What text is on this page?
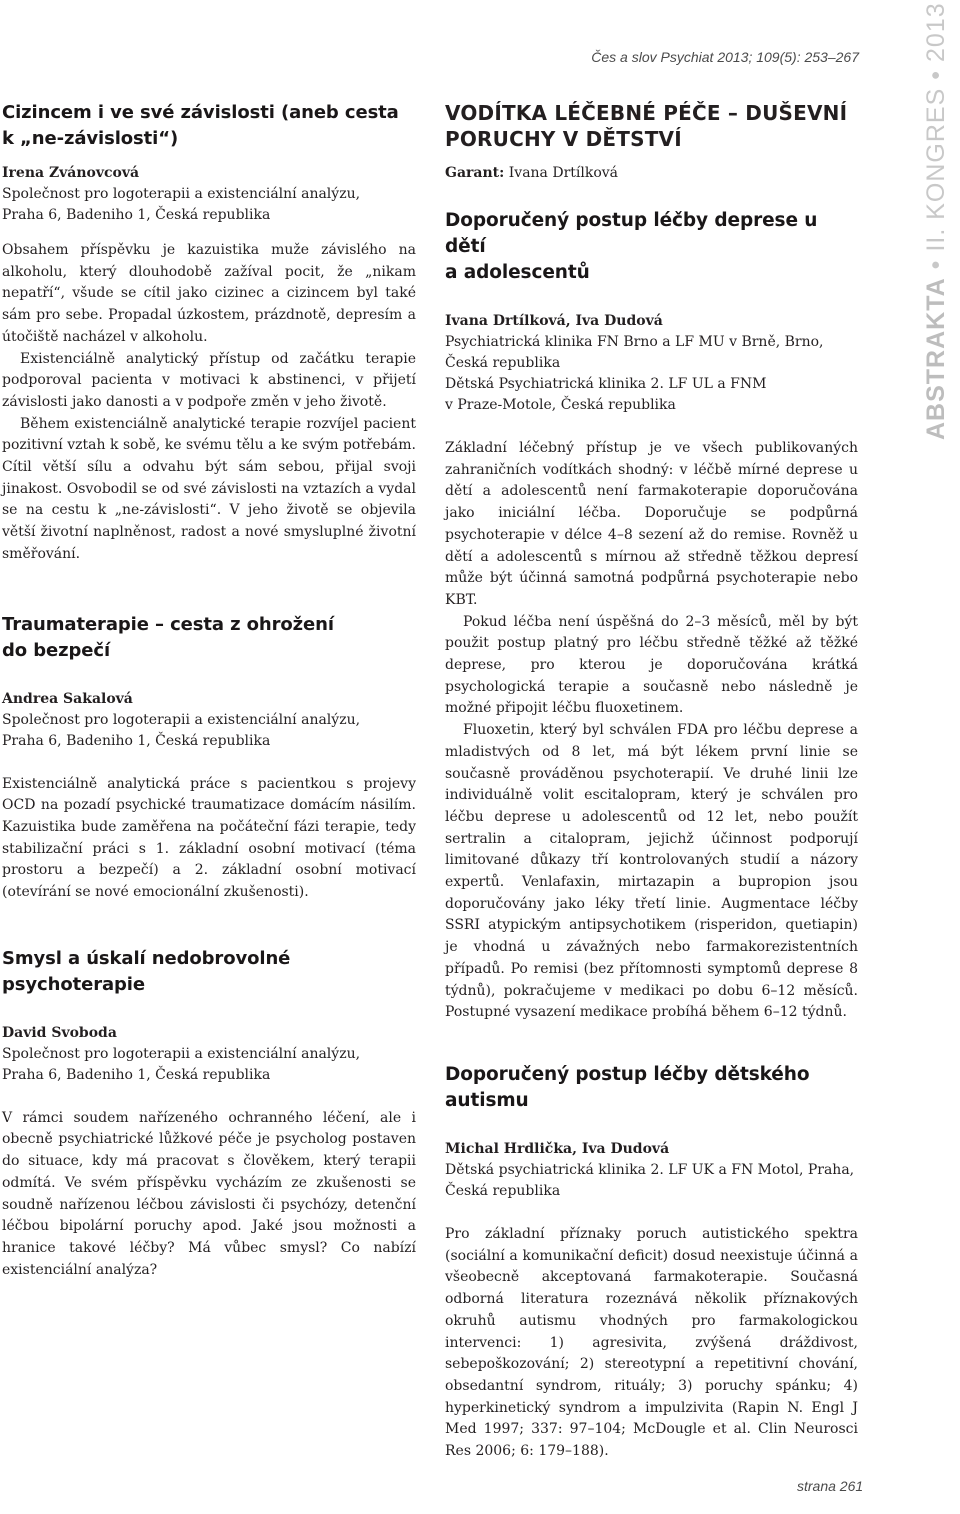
Čes a slov Psychiat 2013; 109(5): 253–267

ABSTRAKTA•II. KONGRES•2013
Cizincem i ve své závislosti (aneb cesta
k „ne-závislosti“)

Irena Zvánovcová

Společnost pro logoterapii a existenciální analýzu,

Praha 6, Badeniho 1, Česká republika

Obsahem příspěvku je kazuistika muže závislého na alkoholu, který dlouhodobě zažíval pocit, že „nikam nepatří“, všude se cítil jako cizinec a cizincem byl také sám pro sebe. Propadal úzkostem, prázdnotě, depresím a útočiště nacházel v alkoholu.

Existenciálně analytický přístup od začátku terapie podporoval pacienta v motivaci k abstinenci, v přijetí závislosti jako danosti a v podpoře změn v jeho životě.

Během existenciálně analytické terapie rozvíjel pacient pozitivní vztah k sobě, ke svému tělu a ke svým potřebám. Cítil větší sílu a odvahu být sám sebou, přijal svoji jinakost. Osvobodil se od své závislosti na vztazích a vydal se na cestu k „ne-závislosti“. V jeho životě se objevila větší životní naplněnost, radost a nové smysluplné životní směřování.

Traumaterapie – cesta z ohrožení
do bezpečí

Andrea Sakalová

Společnost pro logoterapii a existenciální analýzu,

Praha 6, Badeniho 1, Česká republika

Existenciálně analytická práce s pacientkou s projevy OCD na pozadí psychické traumatizace domácím násilím. Kazuistika bude zaměřena na počáteční fázi terapie, tedy stabilizační práci s 1. základní osobní motivací (téma prostoru a bezpečí) a 2. základní osobní motivací (otevírání se nové emocionální zkušenosti).

Smysl a úskalí nedobrovolné
psychoterapie

David Svoboda

Společnost pro logoterapii a existenciální analýzu,

Praha 6, Badeniho 1, Česká republika

V rámci soudem nařízeného ochranného léčení, ale i obecně psychiatrické lůžkové péče je psycholog postaven do situace, kdy má pracovat s člověkem, který terapii odmítá. Ve svém příspěvku vycházím ze zkušenosti se soudně nařízenou léčbou závislosti či psychózy, detenční léčbou bipolární poruchy apod. Jaké jsou možnosti a hranice takové léčby? Má vůbec smysl? Co nabízí existenciální analýza?

VODÍTKA LÉČEBNÉ PÉČE – DUŠEVNÍ
PORUCHY V DĚTSTVÍ

Garant: Ivana Drtílková

Doporučený postup léčby deprese u dětí
a adolescentů

Ivana Drtílková, Iva Dudová

Psychiatrická klinika FN Brno a LF MU v Brně, Brno,

Česká republika

Dětská Psychiatrická klinika 2. LF UL a FNM

v Praze-Motole, Česká republika

Základní léčebný přístup je ve všech publikovaných zahraničních vodítkách shodný: v léčbě mírné deprese u dětí a adolescentů není farmakoterapie doporučována jako iniciální léčba. Doporučuje se podpůrná psychoterapie v délce 4–8 sezení až do remise. Rovněž u dětí a adolescentů s mírnou až středně těžkou depresí může být účinná samotná podpůrná psychoterapie nebo KBT.

Pokud léčba není úspěšná do 2–3 měsíců, měl by být použit postup platný pro léčbu středně těžké až těžké deprese, pro kterou je doporučována krátká psychologická terapie a současně nebo následně je možné připojit léčbu fluoxetinem.

Fluoxetin, který byl schválen FDA pro léčbu deprese a mladistvých od 8 let, má být lékem první linie se současně prováděnou psychoterapií. Ve druhé linii lze individuálně volit escitalopram, který je schválen pro léčbu deprese u adolescentů od 12 let, nebo použít sertralin a citalopram, jejichž účinnost podporují limitované důkazy tří kontrolovaných studií a názory expertů. Venlafaxin, mirtazapin a bupropion jsou doporučovány jako léky třetí linie. Augmentace léčby SSRI atypickým antipsychotikem (risperidon, quetiapin) je vhodná u závažných nebo farmakorezistentních případů. Po remisi (bez přítomnosti symptomů deprese 8 týdnů), pokračujeme v medikaci po dobu 6–12 měsíců. Postupné vysazení medikace probíhá během 6–12 týdnů.

Doporučený postup léčby dětského
autismu

Michal Hrdlička, Iva Dudová

Dětská psychiatrická klinika 2. LF UK a FN Motol, Praha,

Česká republika

Pro základní příznaky poruch autistického spektra (sociální a komunikační deficit) dosud neexistuje účinná a všeobecně akceptovaná farmakoterapie. Současná odborná literatura rozeznává několik příznakových okruhů autismu vhodných pro farmakologickou intervenci: 1) agresivita, zvýšená dráždivost, sebepoškozování; 2) stereotypní a repetitivní chování, obsedantní syndrom, rituály; 3) poruchy spánku; 4) hyperkinetický syndrom a impulzivita (Rapin N. Engl J Med 1997; 337: 97–104; McDougle et al. Clin Neurosci Res 2006; 6: 179–188).

strana 261
